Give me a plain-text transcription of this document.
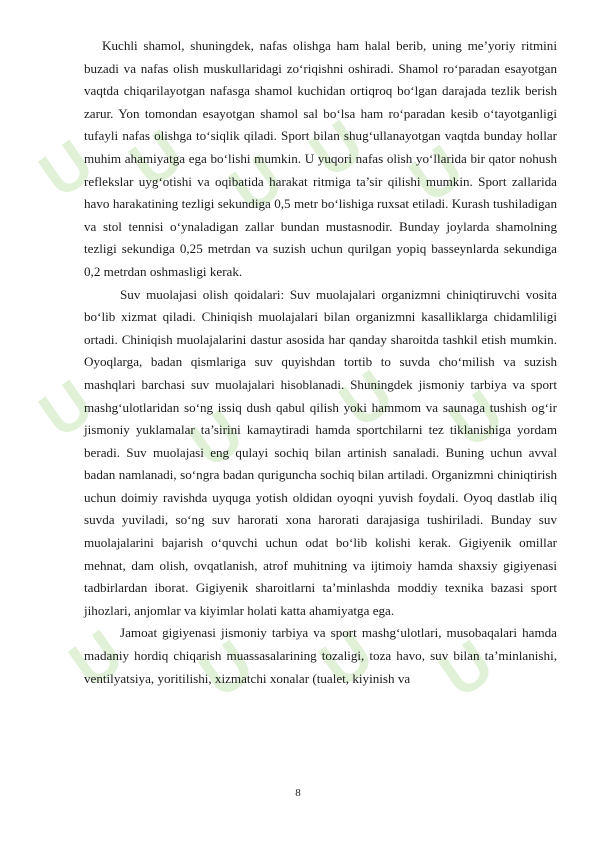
U U U U U
U U U U
U U U U

Kuchli shamol, shuningdek, nafas olishga ham halal berib, uning me’yoriy ritmini buzadi va nafas olish muskullaridagi zo‘riqishni oshiradi. Shamol ro‘paradan esayotgan vaqtda chiqarilayotgan nafasga shamol kuchidan ortiqroq bo‘lgan darajada tezlik berish zarur. Yon tomondan esayotgan shamol sal bo‘lsa ham ro‘paradan kesib o‘tayotganligi tufayli nafas olishga to‘siqlik qiladi. Sport bilan shug‘ullanayotgan vaqtda bunday hollar muhim ahamiyatga ega bo‘lishi mumkin. U yuqori nafas olish yo‘llarida bir qator nohush reflekslar uyg‘otishi va oqibatida harakat ritmiga ta’sir qilishi mumkin. Sport zallarida havo harakatining tezligi sekundiga 0,5 metr bo‘lishiga ruxsat etiladi. Kurash tushiladigan va stol tennisi o‘ynaladigan zallar bundan mustasnodir. Bunday joylarda shamolning tezligi sekundiga 0,25 metrdan va suzish uchun qurilgan yopiq basseynlarda sekundiga 0,2 metrdan oshmasligi kerak.

Suv muolajasi olish qoidalari: Suv muolajalari organizmni chiniqtiruvchi vosita bo‘lib xizmat qiladi. Chiniqish muolajalari bilan organizmni kasalliklarga chidamliligi ortadi. Chiniqish muolajalarini dastur asosida har qanday sharoitda tashkil etish mumkin. Oyoqlarga, badan qismlariga suv quyishdan tortib to suvda cho‘milish va suzish mashqlari barchasi suv muolajalari hisoblanadi. Shuningdek jismoniy tarbiya va sport mashg‘ulotlaridan so‘ng issiq dush qabul qilish yoki hammom va saunaga tushish og‘ir jismoniy yuklamalar ta’sirini kamaytiradi hamda sportchilarni tez tiklanishiga yordam beradi. Suv muolajasi eng qulayi sochiq bilan artinish sanaladi. Buning uchun avval badan namlanadi, so‘ngra badan quriguncha sochiq bilan artiladi. Organizmni chiniqtirish uchun doimiy ravishda uyquga yotish oldidan oyoqni yuvish foydali. Oyoq dastlab iliq suvda yuviladi, so‘ng suv harorati xona harorati darajasiga tushiriladi. Bunday suv muolajalarini bajarish o‘quvchi uchun odat bo‘lib kolishi kerak. Gigiyenik omillar mehnat, dam olish, ovqatlanish, atrof muhitning va ijtimoiy hamda shaxsiy gigiyenasi tadbirlardan iborat. Gigiyenik sharoitlarni ta’minlashda moddiy texnika bazasi sport jihozlari, anjomlar va kiyimlar holati katta ahamiyatga ega.

Jamoat gigiyenasi jismoniy tarbiya va sport mashg‘ulotlari, musobaqalari hamda madaniy hordiq chiqarish muassasalarining tozaligi, toza havo, suv bilan ta’minlanishi, ventilyatsiya, yoritilishi, xizmatchi xonalar (tualet, kiyinish va

8
